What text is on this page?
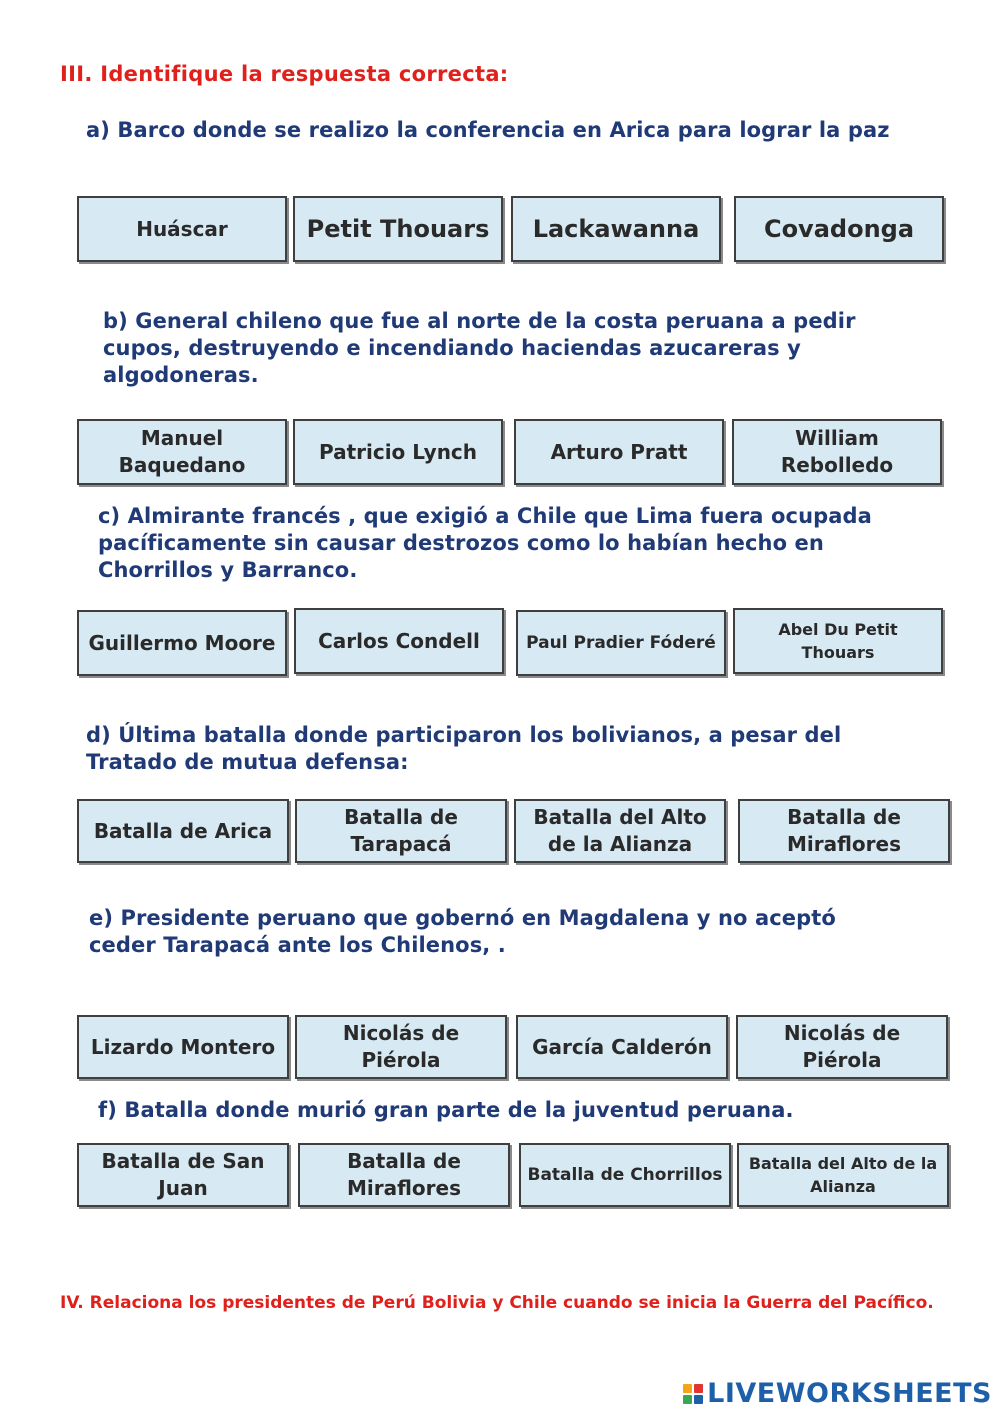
III. Identifique la respuesta correcta:

a) Barco donde se realizo la conferencia en Arica para lograr la paz

Huáscar	Petit Thouars	Lackawanna	Covadonga

b) General chileno que fue al norte de la costa peruana a pedir cupos, destruyendo e incendiando haciendas azucareras y algodoneras.

Manuel Baquedano
Patricio Lynch	Arturo Pratt
William Rebolledo

c) Almirante francés , que exigió a Chile que Lima fuera ocupada pacíficamente sin causar destrozos como lo habían hecho en Chorrillos y Barranco.

Guillermo Moore	Carlos Condell	Paul Pradier Fóderé
Abel Du Petit Thouars

d) Última batalla donde participaron los bolivianos, a pesar del Tratado de mutua defensa:

Batalla de Arica
Batalla de Tarapacá
Batalla del Alto de la Alianza
Batalla de Miraflores

e) Presidente peruano que gobernó en Magdalena y no aceptó ceder Tarapacá ante los Chilenos, .

Lizardo Montero
Nicolás de Piérola
García Calderón
Nicolás de Piérola

f) Batalla donde murió gran parte de la juventud peruana.

Batalla de San Juan
Batalla de Miraflores
Batalla de Chorrillos
Batalla del Alto de la Alianza
IV. Relaciona los presidentes de Perú Bolivia y Chile cuando se inicia la Guerra del Pacífico.
LIVEWORKSHEETS
